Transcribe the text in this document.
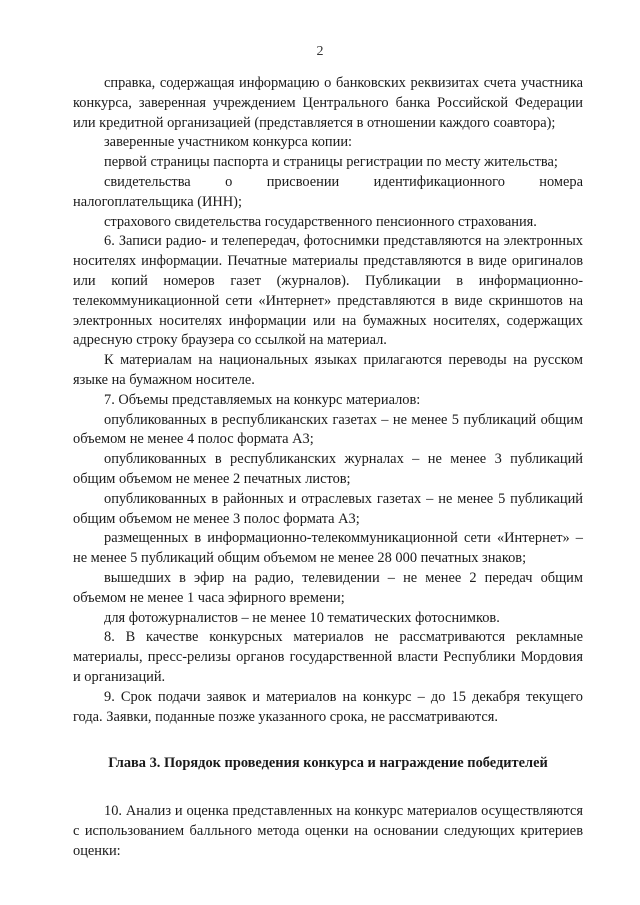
2

справка, содержащая информацию о банковских реквизитах счета участника конкурса, заверенная учреждением Центрального банка Российской Федерации или кредитной организацией (представляется в отношении каждого соавтора);

заверенные участником конкурса копии:

первой страницы паспорта и страницы регистрации по месту жительства;

свидетельства о присвоении идентификационного номера налогоплательщика (ИНН);

страхового свидетельства государственного пенсионного страхования.

6. Записи радио- и телепередач, фотоснимки представляются на электронных носителях информации. Печатные материалы представляются в виде оригиналов или копий номеров газет (журналов). Публикации в информационно-телекоммуникационной сети «Интернет» представляются в виде скриншотов на электронных носителях информации или на бумажных носителях, содержащих адресную строку браузера со ссылкой на материал.

К материалам на национальных языках прилагаются переводы на русском языке на бумажном носителе.

7. Объемы представляемых на конкурс материалов:

опубликованных в республиканских газетах – не менее 5 публикаций общим объемом не менее 4 полос формата А3;

опубликованных в республиканских журналах – не менее 3 публикаций общим объемом не менее 2 печатных листов;

опубликованных в районных и отраслевых газетах – не менее 5 публикаций общим объемом не менее 3 полос формата А3;

размещенных в информационно-телекоммуникационной сети «Интернет» – не менее 5 публикаций общим объемом не менее 28 000 печатных знаков;

вышедших в эфир на радио, телевидении – не менее 2 передач общим объемом не менее 1 часа эфирного времени;

для фотожурналистов – не менее 10 тематических фотоснимков.

8. В качестве конкурсных материалов не рассматриваются рекламные материалы, пресс-релизы органов государственной власти Республики Мордовия и организаций.

9. Срок подачи заявок и материалов на конкурс – до 15 декабря текущего года. Заявки, поданные позже указанного срока, не рассматриваются.

Глава 3. Порядок проведения конкурса и награждение победителей

10. Анализ и оценка представленных на конкурс материалов осуществляются с использованием балльного метода оценки на основании следующих критериев оценки:
